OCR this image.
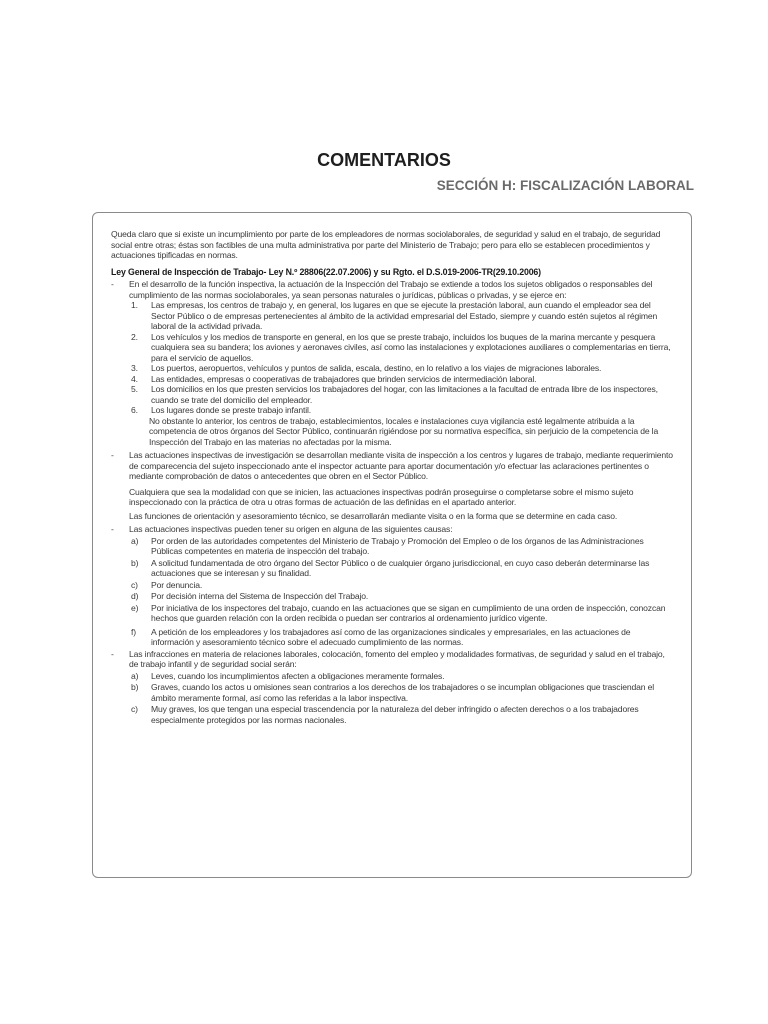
COMENTARIOS
SECCIÓN H: FISCALIZACIÓN LABORAL

Queda claro que si existe un incumplimiento por parte de los empleadores de normas sociolaborales, de seguridad y salud en el trabajo, de seguridad social entre otras; éstas son factibles de una multa administrativa por parte del Ministerio de Trabajo; pero para ello se establecen procedimientos y actuaciones tipificadas en normas.

Ley General de Inspección de Trabajo- Ley N.º 28806(22.07.2006) y su Rgto. el D.S.019-2006-TR(29.10.2006)

-	En el desarrollo de la función inspectiva, la actuación de la Inspección del Trabajo se extiende a todos los sujetos obligados o responsables del cumplimiento de las normas sociolaborales, ya sean personas naturales o jurídicas, públicas o privadas, y se ejerce en:
1.	Las empresas, los centros de trabajo y, en general, los lugares en que se ejecute la prestación laboral, aun cuando el empleador sea del Sector Público o de empresas pertenecientes al ámbito de la actividad empresarial del Estado, siempre y cuando estén sujetos al régimen laboral de la actividad privada.
2.	Los vehículos y los medios de transporte en general, en los que se preste trabajo, incluidos los buques de la marina mercante y pesquera cualquiera sea su bandera; los aviones y aeronaves civiles, así como las instalaciones y explotaciones auxiliares o complementarias en tierra, para el servicio de aquellos.
3.	Los puertos, aeropuertos, vehículos y puntos de salida, escala, destino, en lo relativo a los viajes de migraciones laborales.
4.	Las entidades, empresas o cooperativas de trabajadores que brinden servicios de intermediación laboral.
5.	Los domicilios en los que presten servicios los trabajadores del hogar, con las limitaciones a la facultad de entrada libre de los inspectores, cuando se trate del domicilio del empleador.
6.	Los lugares donde se preste trabajo infantil.

No obstante lo anterior, los centros de trabajo, establecimientos, locales e instalaciones cuya vigilancia esté legalmente atribuida a la competencia de otros órganos del Sector Público, continuarán rigiéndose por su normativa específica, sin perjuicio de la competencia de la Inspección del Trabajo en las materias no afectadas por la misma.

-	Las actuaciones inspectivas de investigación se desarrollan mediante visita de inspección a los centros y lugares de trabajo, mediante requerimiento de comparecencia del sujeto inspeccionado ante el inspector actuante para aportar documentación y/o efectuar las aclaraciones pertinentes o mediante comprobación de datos o antecedentes que obren en el Sector Público.

Cualquiera que sea la modalidad con que se inicien, las actuaciones inspectivas podrán proseguirse o completarse sobre el mismo sujeto inspeccionado con la práctica de otra u otras formas de actuación de las definidas en el apartado anterior.

Las funciones de orientación y asesoramiento técnico, se desarrollarán mediante visita o en la forma que se determine en cada caso.

-	Las actuaciones inspectivas pueden tener su origen en alguna de las siguientes causas:
a)	Por orden de las autoridades competentes del Ministerio de Trabajo y Promoción del Empleo o de los órganos de las Administraciones Públicas competentes en materia de inspección del trabajo.
b)	A solicitud fundamentada de otro órgano del Sector Público o de cualquier órgano jurisdiccional, en cuyo caso deberán determinarse las actuaciones que se interesan y su finalidad.
c)	Por denuncia.
d)	Por decisión interna del Sistema de Inspección del Trabajo.
e)	Por iniciativa de los inspectores del trabajo, cuando en las actuaciones que se sigan en cumplimiento de una orden de inspección, conozcan hechos que guarden relación con la orden recibida o puedan ser contrarios al ordenamiento jurídico vigente.
f)	A petición de los empleadores y los trabajadores así como de las organizaciones sindicales y empresariales, en las actuaciones de información y asesoramiento técnico sobre el adecuado cumplimiento de las normas.
-	Las infracciones en materia de relaciones laborales, colocación, fomento del empleo y modalidades formativas, de seguridad y salud en el trabajo, de trabajo infantil y de seguridad social serán:
a)	Leves, cuando los incumplimientos afecten a obligaciones meramente formales.
b)	Graves, cuando los actos u omisiones sean contrarios a los derechos de los trabajadores o se incumplan obligaciones que trasciendan el ámbito meramente formal, así como las referidas a la labor inspectiva.
c)	Muy graves, los que tengan una especial trascendencia por la naturaleza del deber infringido o afecten derechos o a los trabajadores especialmente protegidos por las normas nacionales.
